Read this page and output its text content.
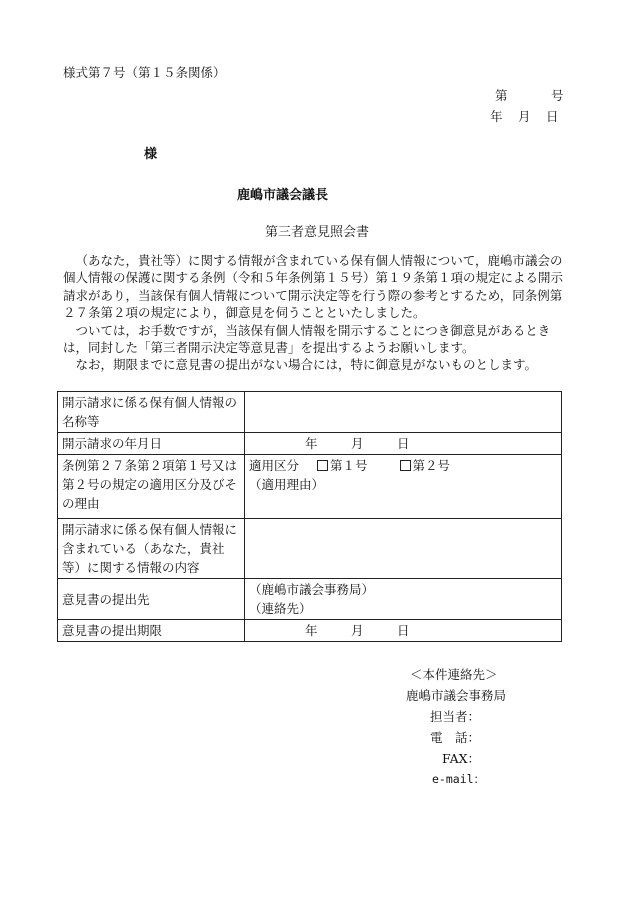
様式第７号（第１５条関係）
第	号
年 月 日
様
鹿嶋市議会議長
第三者意見照会書

（あなた，貴社等）に関する情報が含まれている保有個人情報について，鹿嶋市議会の個人情報の保護に関する条例（令和５年条例第１５号）第１９条第１項の規定による開示請求があり，当該保有個人情報について開示決定等を行う際の参考とするため，同条例第２７条第２項の規定により，御意見を伺うことといたしました。

ついては，お手数ですが，当該保有個人情報を開示することにつき御意見があるときは，同封した「第三者開示決定等意見書」を提出するようお願いします。

なお，期限までに意見書の提出がない場合には，特に御意見がないものとします。

開示請求に係る保有個人情報の名称等	
開示請求の年月日	年 月 日
条例第２７条第２項第１号又は第２号の規定の適用区分及びその理由	適用区分 第１号 第２号
（適用理由）

開示請求に係る保有個人情報に含まれている（あなた，貴社等）に関する情報の内容	
意見書の提出先	（鹿嶋市議会事務局）
（連絡先）

意見書の提出期限	年 月 日
＜本件連絡先＞
鹿嶋市議会事務局
担当者：
電　話：
FAX：
e-mail：
